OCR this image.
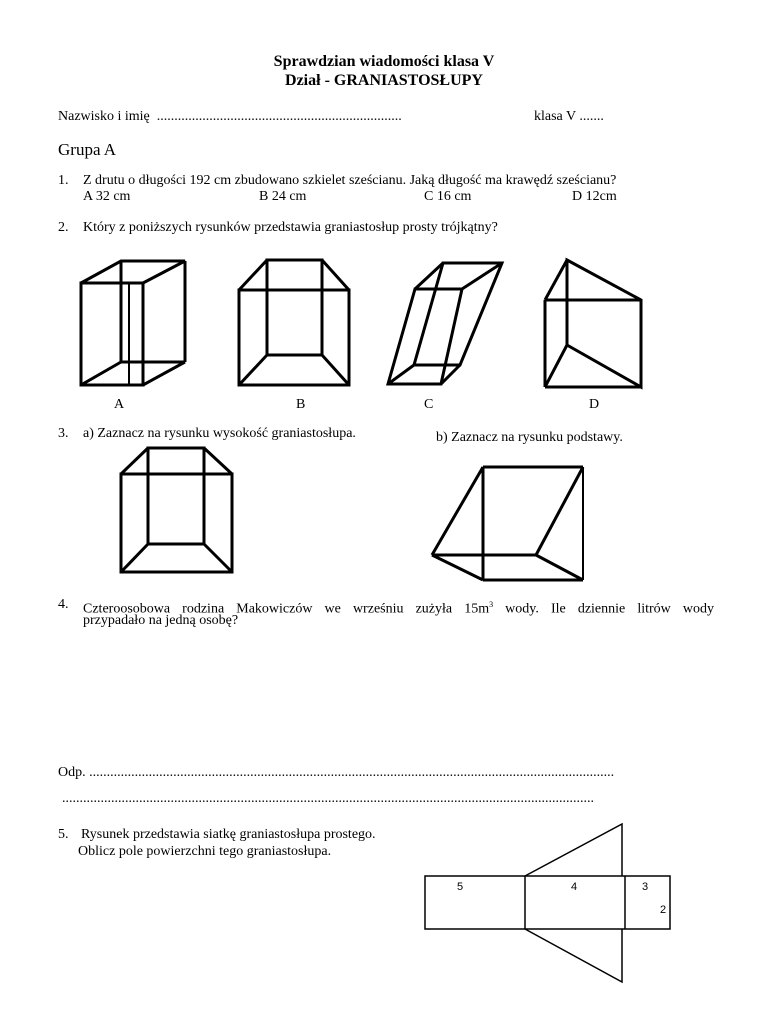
Sprawdzian wiadomości klasa V
Dział - GRANIASTOSŁUPY
Nazwisko i imię ......................................................................	klasa V .......
Grupa A
1. Z drutu o długości 192 cm zbudowano szkielet sześcianu. Jaką długość ma krawędź sześcianu?
A 32 cm	B 24 cm	C 16 cm	D 12cm
2. Który z poniższych rysunków przedstawia graniastosłup prosty trójkątny?
A	B	C	D
3. a) Zaznacz na rysunku wysokość graniastosłupa.	b) Zaznacz na rysunku podstawy.
4. Czteroosobowa rodzina Makowiczów we wrześniu zużyła $15m^3$ wody. Ile dziennie litrów wody
przypadało na jedną osobę?
Odp. ......................................................................................................................................................
........................................................................................................................................................
5. Rysunek przedstawia siatkę graniastosłupa prostego.
Oblicz pole powierzchni tego graniastosłupa.
5	4	3
2
